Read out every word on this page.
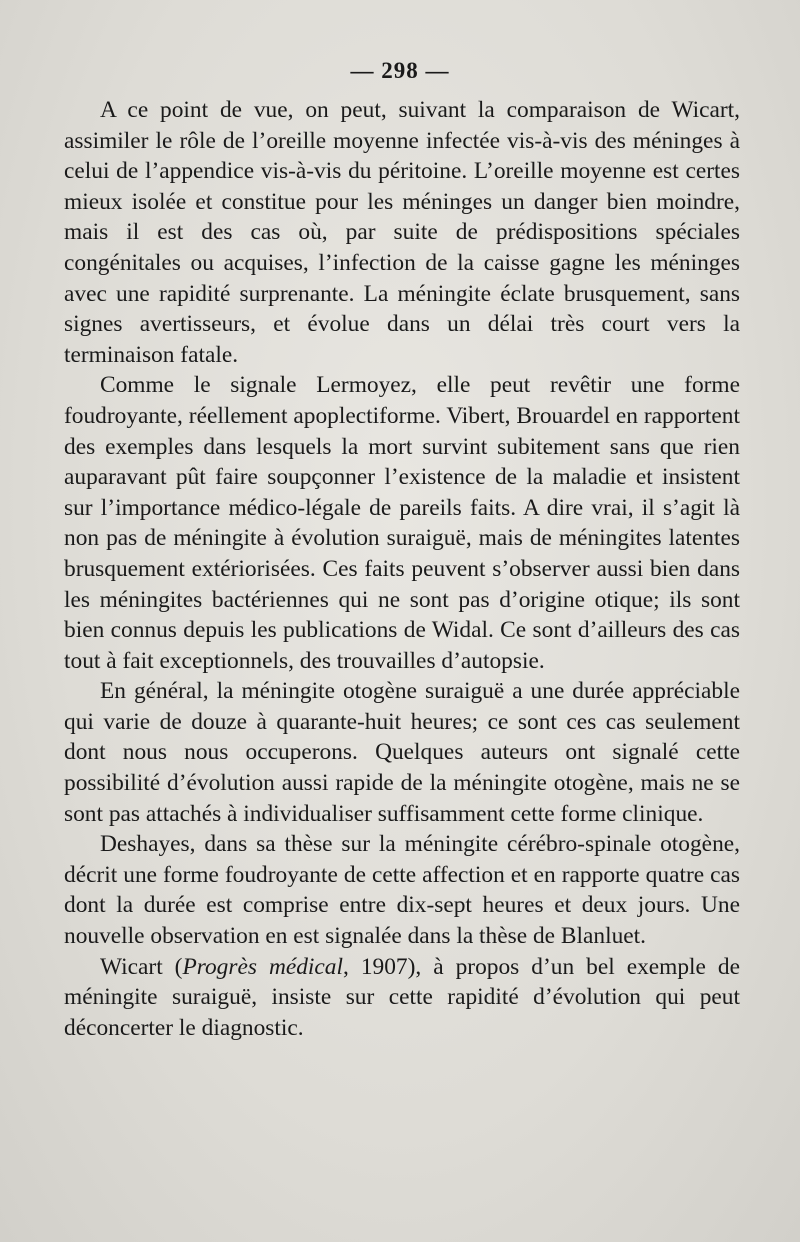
— 298 —

A ce point de vue, on peut, suivant la comparaison de Wicart, assimiler le rôle de l’oreille moyenne infectée vis-à-vis des méninges à celui de l’appendice vis-à-vis du péritoine. L’oreille moyenne est certes mieux isolée et constitue pour les méninges un danger bien moindre, mais il est des cas où, par suite de prédispositions spéciales congénitales ou acquises, l’infection de la caisse gagne les méninges avec une rapidité surprenante. La méningite éclate brusquement, sans signes avertisseurs, et évolue dans un délai très court vers la terminaison fatale.

Comme le signale Lermoyez, elle peut revêtir une forme foudroyante, réellement apoplectiforme. Vibert, Brouardel en rapportent des exemples dans lesquels la mort survint subitement sans que rien auparavant pût faire soupçonner l’existence de la maladie et insistent sur l’importance médico-légale de pareils faits. A dire vrai, il s’agit là non pas de méningite à évolution suraiguë, mais de méningites latentes brusquement extériorisées. Ces faits peuvent s’observer aussi bien dans les méningites bactériennes qui ne sont pas d’origine otique; ils sont bien connus depuis les publications de Widal. Ce sont d’ailleurs des cas tout à fait exceptionnels, des trouvailles d’autopsie.

En général, la méningite otogène suraiguë a une durée appréciable qui varie de douze à quarante-huit heures; ce sont ces cas seulement dont nous nous occuperons. Quelques auteurs ont signalé cette possibilité d’évolution aussi rapide de la méningite otogène, mais ne se sont pas attachés à individualiser suffisamment cette forme clinique.

Deshayes, dans sa thèse sur la méningite cérébro-spinale otogène, décrit une forme foudroyante de cette affection et en rapporte quatre cas dont la durée est comprise entre dix-sept heures et deux jours. Une nouvelle observation en est signalée dans la thèse de Blanluet.

Wicart (Progrès médical, 1907), à propos d’un bel exemple de méningite suraiguë, insiste sur cette rapidité d’évolution qui peut déconcerter le diagnostic.
